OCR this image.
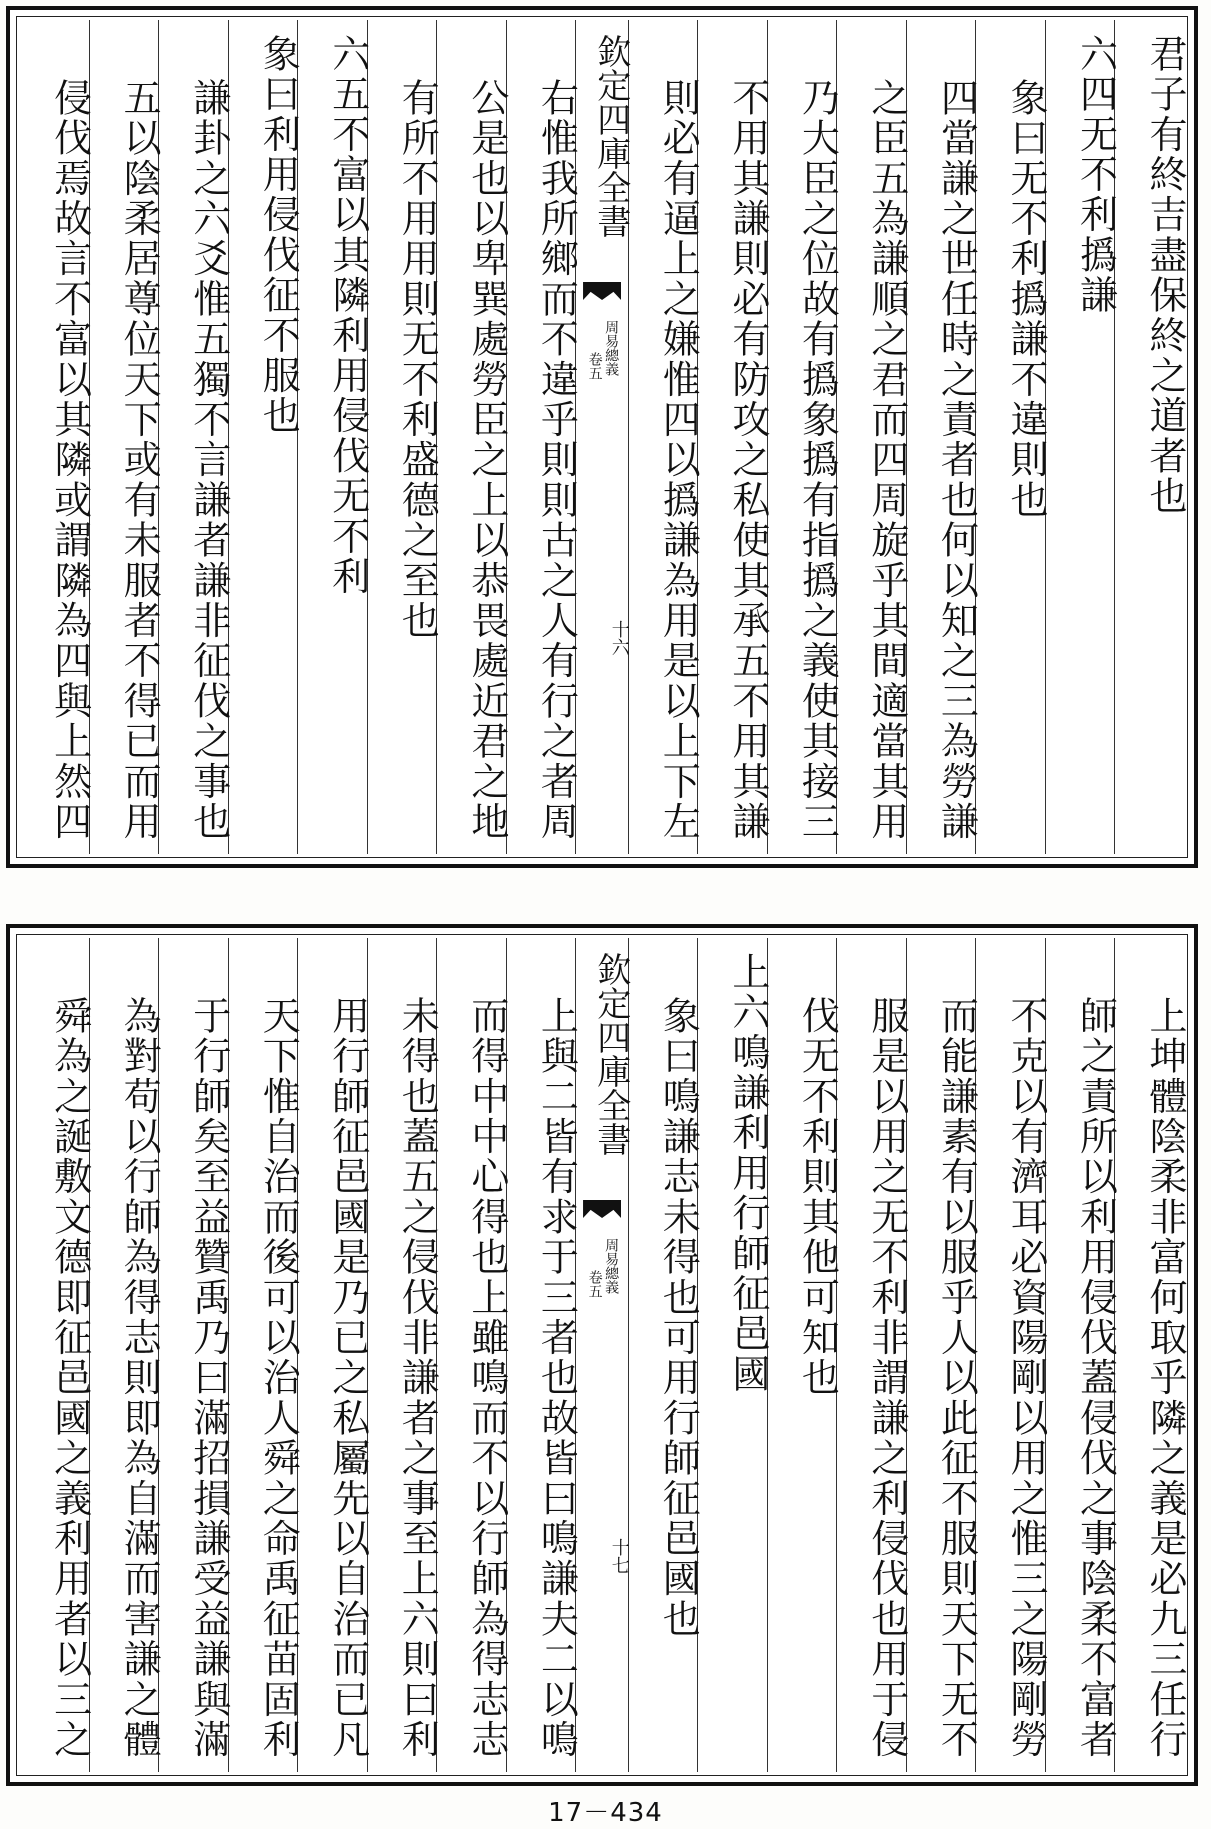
君子有終吉盡保終之道者也
六四无不利撝謙
象曰无不利撝謙不違則也
四當謙之世任時之責者也何以知之三為勞謙
之臣五為謙順之君而四周旋乎其間適當其用
乃大臣之位故有撝象撝有指撝之義使其接三
不用其謙則必有防攻之私使其承五不用其謙
則必有逼上之嫌惟四以撝謙為用是以上下左
欽定四庫全書
周易總義
卷五
十六
右惟我所鄉而不違乎則則古之人有行之者周
公是也以卑巽處勞臣之上以恭畏處近君之地
有所不用用則无不利盛德之至也
六五不富以其隣利用侵伐无不利
象曰利用侵伐征不服也
謙卦之六爻惟五獨不言謙者謙非征伐之事也
五以陰柔居尊位天下或有未服者不得已而用
侵伐焉故言不富以其隣或謂隣為四與上然四
上坤體陰柔非富何取乎隣之義是必九三任行
師之責所以利用侵伐蓋侵伐之事陰柔不富者
不克以有濟耳必資陽剛以用之惟三之陽剛勞
而能謙素有以服乎人以此征不服則天下无不
服是以用之无不利非謂謙之利侵伐也用于侵
伐无不利則其他可知也
上六鳴謙利用行師征邑國
象曰鳴謙志未得也可用行師征邑國也
欽定四庫全書
周易總義
卷五
十七
上與二皆有求于三者也故皆曰鳴謙夫二以鳴
而得中中心得也上雖鳴而不以行師為得志志
未得也蓋五之侵伐非謙者之事至上六則曰利
用行師征邑國是乃已之私屬先以自治而已凡
天下惟自治而後可以治人舜之命禹征苗固利
于行師矣至益贊禹乃曰滿招損謙受益謙與滿
為對苟以行師為得志則即為自滿而害謙之體
舜為之誕敷文德即征邑國之義利用者以三之
17－434
